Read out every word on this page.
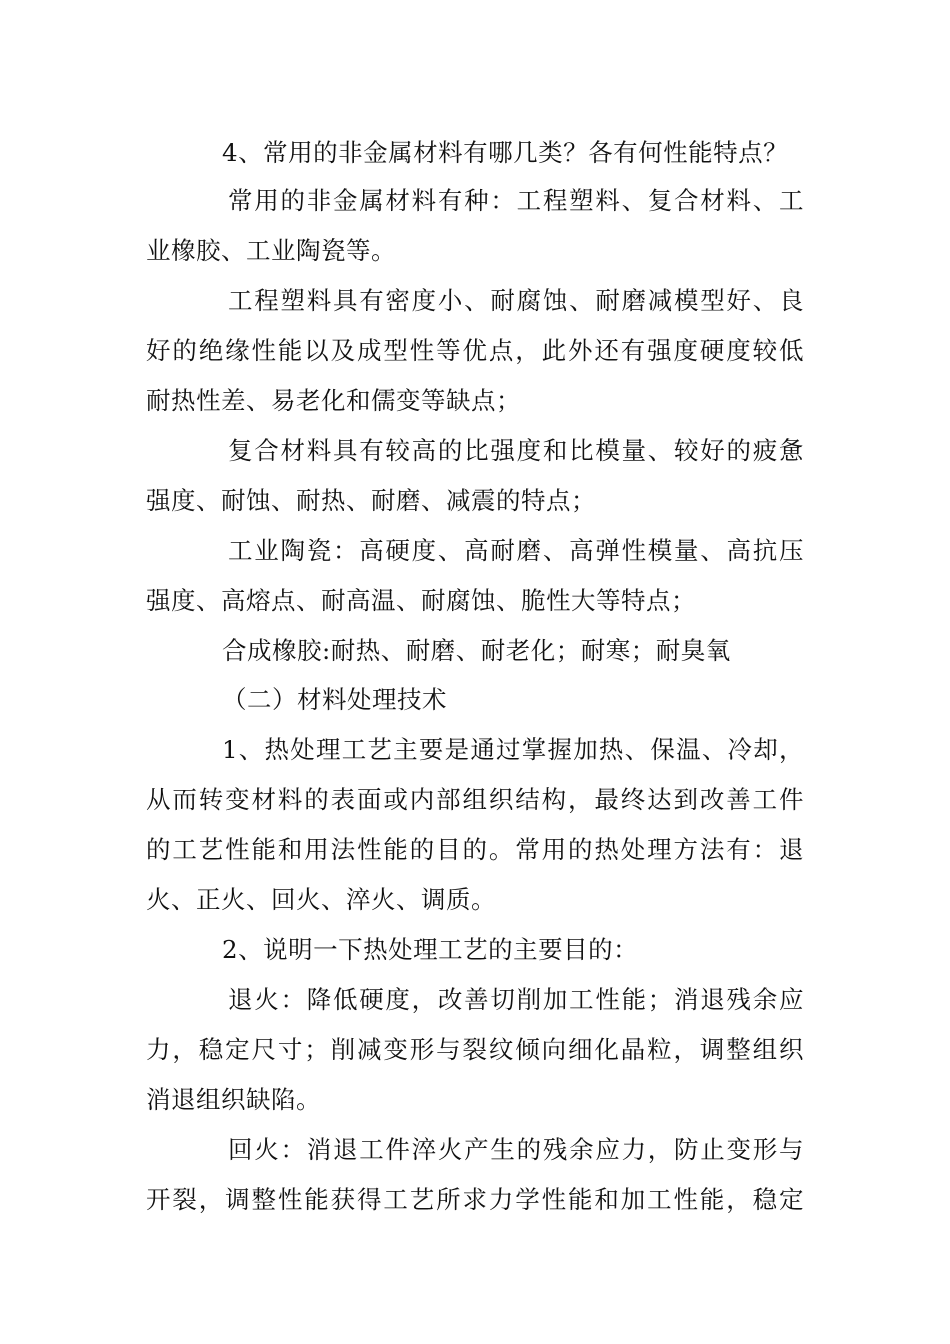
4、常用的非金属材料有哪几类？各有何性能特点？
常用的非金属材料有种：工程塑料、复合材料、工
业橡胶、工业陶瓷等。
工程塑料具有密度小、耐腐蚀、耐磨减模型好、良
好的绝缘性能以及成型性等优点，此外还有强度硬度较低
耐热性差、易老化和儒变等缺点；
复合材料具有较高的比强度和比模量、较好的疲惫
强度、耐蚀、耐热、耐磨、减震的特点；
工业陶瓷：高硬度、高耐磨、高弹性模量、高抗压
强度、高熔点、耐高温、耐腐蚀、脆性大等特点；
合成橡胶:耐热、耐磨、耐老化；耐寒；耐臭氧
（二）材料处理技术
1、热处理工艺主要是通过掌握加热、保温、冷却，
从而转变材料的表面或内部组织结构，最终达到改善工件
的工艺性能和用法性能的目的。常用的热处理方法有：退
火、正火、回火、淬火、调质。
2、说明一下热处理工艺的主要目的：
退火：降低硬度，改善切削加工性能；消退残余应
力，稳定尺寸；削减变形与裂纹倾向细化晶粒，调整组织
消退组织缺陷。
回火：消退工件淬火产生的残余应力，防止变形与
开裂，调整性能获得工艺所求力学性能和加工性能，稳定
